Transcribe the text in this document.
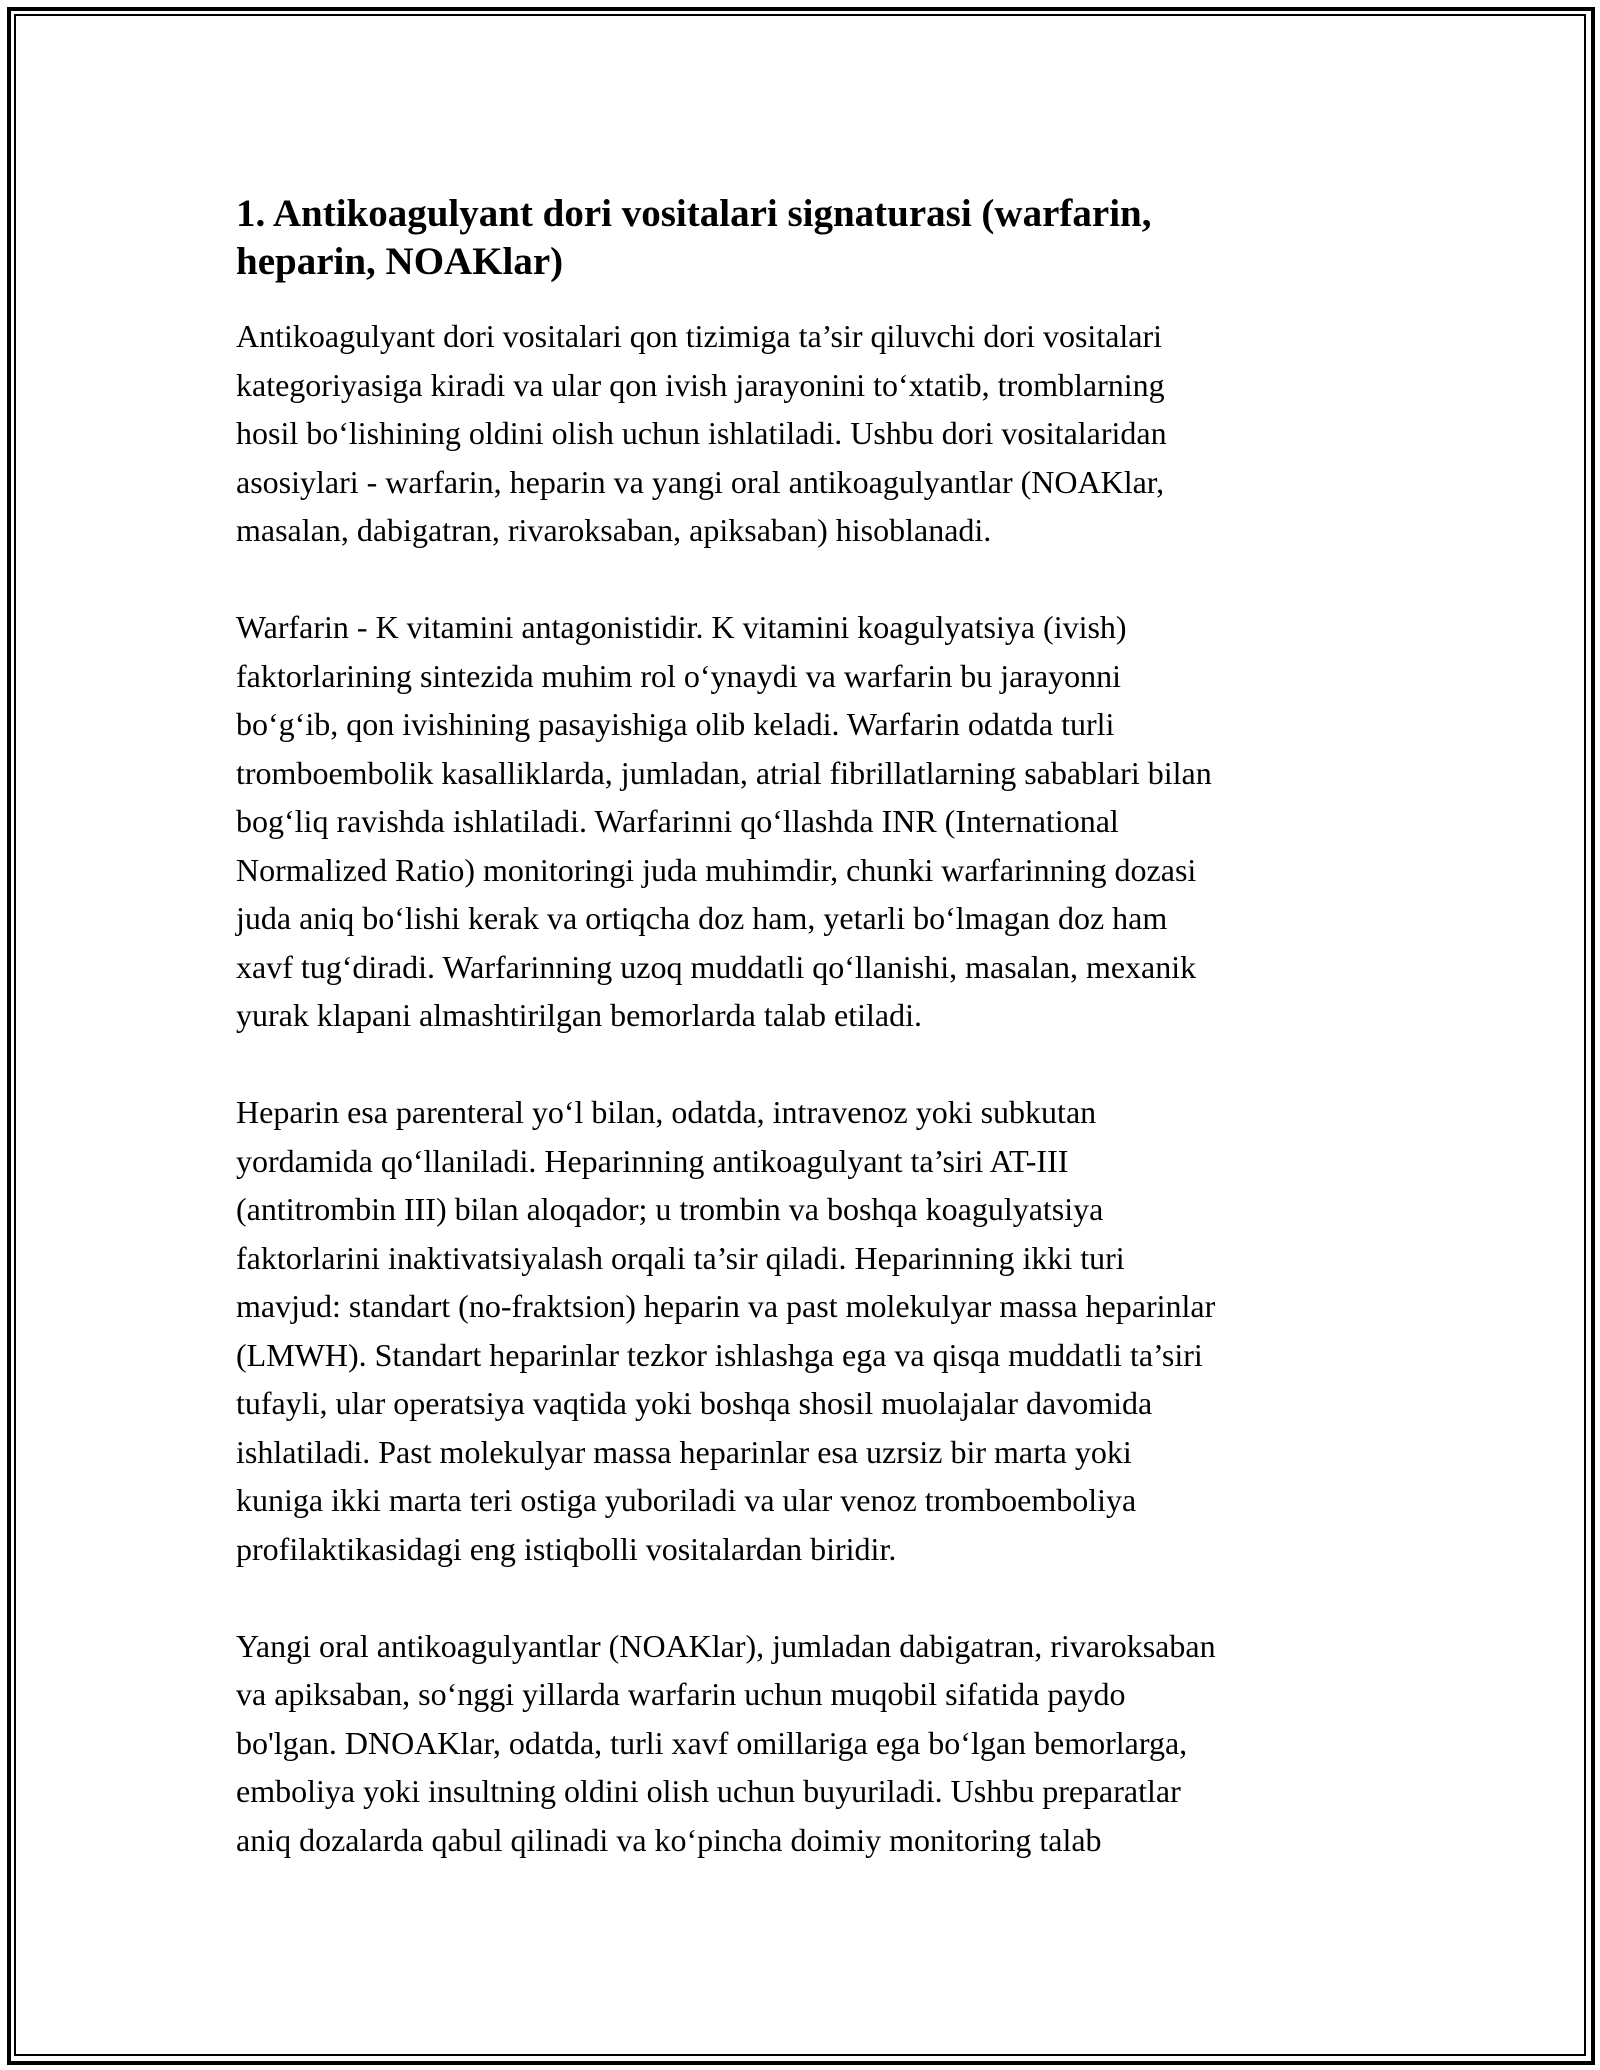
1. Antikoagulyant dori vositalari signaturasi (warfarin,
heparin, NOAKlar)

Antikoagulyant dori vositalari qon tizimiga ta’sir qiluvchi dori vositalari
kategoriyasiga kiradi va ular qon ivish jarayonini to‘xtatib, tromblarning
hosil bo‘lishining oldini olish uchun ishlatiladi. Ushbu dori vositalaridan
asosiylari - warfarin, heparin va yangi oral antikoagulyantlar (NOAKlar,
masalan, dabigatran, rivaroksaban, apiksaban) hisoblanadi.

Warfarin - K vitamini antagonistidir. K vitamini koagulyatsiya (ivish)
faktorlarining sintezida muhim rol o‘ynaydi va warfarin bu jarayonni
bo‘g‘ib, qon ivishining pasayishiga olib keladi. Warfarin odatda turli
tromboembolik kasalliklarda, jumladan, atrial fibrillatlarning sabablari bilan
bog‘liq ravishda ishlatiladi. Warfarinni qo‘llashda INR (International
Normalized Ratio) monitoringi juda muhimdir, chunki warfarinning dozasi
juda aniq bo‘lishi kerak va ortiqcha doz ham, yetarli bo‘lmagan doz ham
xavf tug‘diradi. Warfarinning uzoq muddatli qo‘llanishi, masalan, mexanik
yurak klapani almashtirilgan bemorlarda talab etiladi.

Heparin esa parenteral yo‘l bilan, odatda, intravenoz yoki subkutan
yordamida qo‘llaniladi. Heparinning antikoagulyant ta’siri AT-III
(antitrombin III) bilan aloqador; u trombin va boshqa koagulyatsiya
faktorlarini inaktivatsiyalash orqali ta’sir qiladi. Heparinning ikki turi
mavjud: standart (no-fraktsion) heparin va past molekulyar massa heparinlar
(LMWH). Standart heparinlar tezkor ishlashga ega va qisqa muddatli ta’siri
tufayli, ular operatsiya vaqtida yoki boshqa shosil muolajalar davomida
ishlatiladi. Past molekulyar massa heparinlar esa uzrsiz bir marta yoki
kuniga ikki marta teri ostiga yuboriladi va ular venoz tromboemboliya
profilaktikasidagi eng istiqbolli vositalardan biridir.

Yangi oral antikoagulyantlar (NOAKlar), jumladan dabigatran, rivaroksaban
va apiksaban, so‘nggi yillarda warfarin uchun muqobil sifatida paydo
bo'lgan. DNOAKlar, odatda, turli xavf omillariga ega bo‘lgan bemorlarga,
emboliya yoki insultning oldini olish uchun buyuriladi. Ushbu preparatlar
aniq dozalarda qabul qilinadi va ko‘pincha doimiy monitoring talab
